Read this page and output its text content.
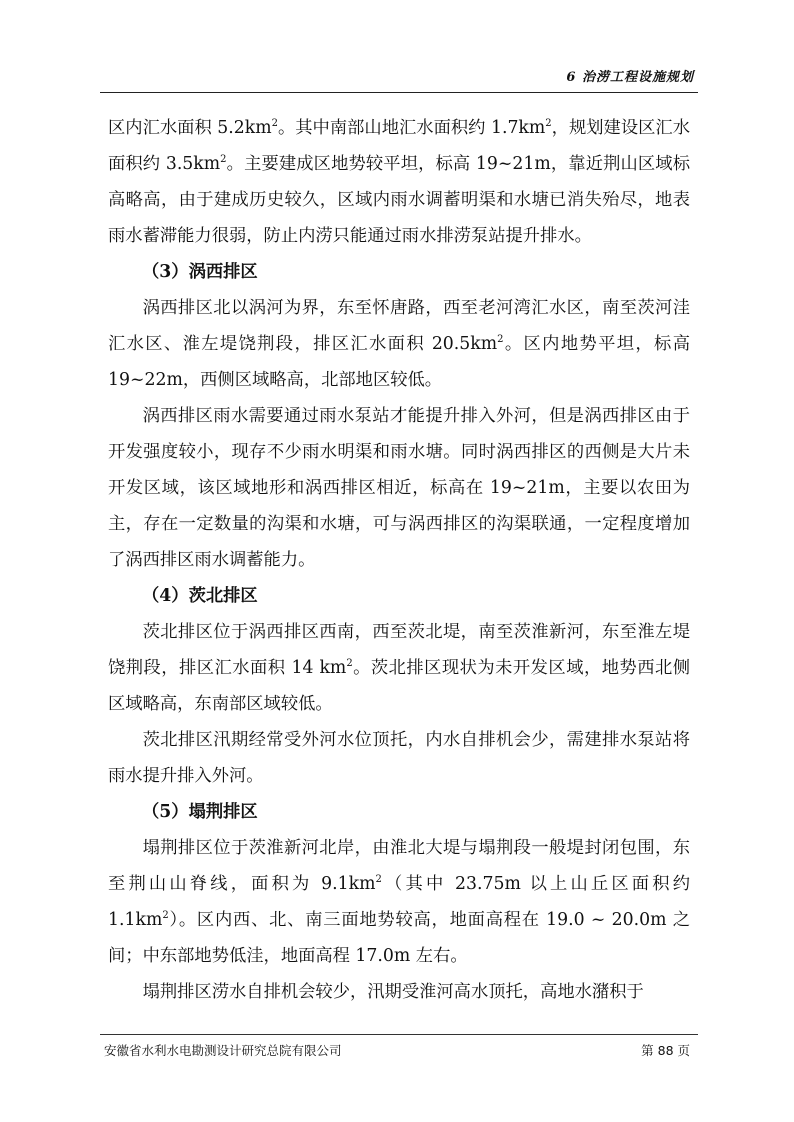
6 治涝工程设施规划

区内汇水面积 $5.2km^2$。其中南部山地汇水面积约 $1.7km^2$，规划建设区汇水面积约 $3.5km^2$。主要建成区地势较平坦，标高 19~21m，靠近荆山区域标高略高，由于建成历史较久，区域内雨水调蓄明渠和水塘已消失殆尽，地表雨水蓄滞能力很弱，防止内涝只能通过雨水排涝泵站提升排水。

（3）涡西排区

涡西排区北以涡河为界，东至怀唐路，西至老河湾汇水区，南至茨河洼汇水区、淮左堤饶荆段，排区汇水面积 $20.5km^2$。区内地势平坦，标高 19~22m，西侧区域略高，北部地区较低。

涡西排区雨水需要通过雨水泵站才能提升排入外河，但是涡西排区由于开发强度较小，现存不少雨水明渠和雨水塘。同时涡西排区的西侧是大片未开发区域，该区域地形和涡西排区相近，标高在 19~21m，主要以农田为主，存在一定数量的沟渠和水塘，可与涡西排区的沟渠联通，一定程度增加了涡西排区雨水调蓄能力。

（4）茨北排区

茨北排区位于涡西排区西南，西至茨北堤，南至茨淮新河，东至淮左堤饶荆段，排区汇水面积 14 $km^2$。茨北排区现状为未开发区域，地势西北侧区域略高，东南部区域较低。

茨北排区汛期经常受外河水位顶托，内水自排机会少，需建排水泵站将雨水提升排入外河。

（5）塌荆排区

塌荆排区位于茨淮新河北岸，由淮北大堤与塌荆段一般堤封闭包围，东至荆山山脊线，面积为 $9.1km^2$（其中 23.75m 以上山丘区面积约 $1.1km^2$）。区内西、北、南三面地势较高，地面高程在 19.0 ~ 20.0m 之间；中东部地势低洼，地面高程 17.0m 左右。

塌荆排区涝水自排机会较少，汛期受淮河高水顶托，高地水潴积于

安徽省水利水电勘测设计研究总院有限公司	第 88 页
